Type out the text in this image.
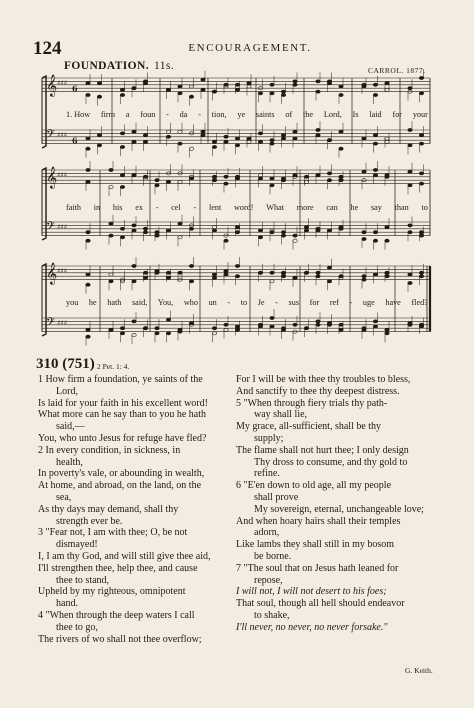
124	ENCOURAGEMENT.
FOUNDATION. 11s.	CARROL. 1877.
𝄞 ♯♯♯
6
𝄢 ♯♯♯
6
𝄞 ♯♯♯
𝄢 ♯♯♯
𝄞 ♯♯♯
𝄢 ♯♯♯
1. How firm a foun - da - tion, ye saints of the Lord, Is laid for your
faith in his ex - cel - lent word! What more can he say than to
you he hath said, You, who un - to Je - sus for ref - uge have fled?
310 (751) 2 Pet. 1: 4.
1 How firm a foundation, ye saints of the
Lord,
Is laid for your faith in his excellent word!
What more can he say than to you he hath
said,—
You, who unto Jesus for refuge have fled?
2 In every condition, in sickness, in
health,
In poverty's vale, or abounding in wealth,
At home, and abroad, on the land, on the
sea,
As thy days may demand, shall thy
strength ever be.
3 "Fear not, I am with thee; O, be not
dismayed!
I, I am thy God, and will still give thee aid,
I'll strengthen thee, help thee, and cause
thee to stand,
Upheld by my righteous, omnipotent
hand.
4 "When through the deep waters I call
thee to go,
The rivers of wo shall not thee overflow;
For I will be with thee thy troubles to bless,
And sanctify to thee thy deepest distress.
5 "When through fiery trials thy path-
way shall lie,
My grace, all-sufficient, shall be thy
supply;
The flame shall not hurt thee; I only design
Thy dross to consume, and thy gold to
refine.
6 "E'en down to old age, all my people
shall prove
My sovereign, eternal, unchangeable love;
And when hoary hairs shall their temples
adorn,
Like lambs they shall still in my bosom
be borne.
7 "The soul that on Jesus hath leaned for
repose,
I will not, I will not desert to his foes;
That soul, though all hell should endeavor
to shake,
I'll never, no never, no never forsake."
G. Keith.
